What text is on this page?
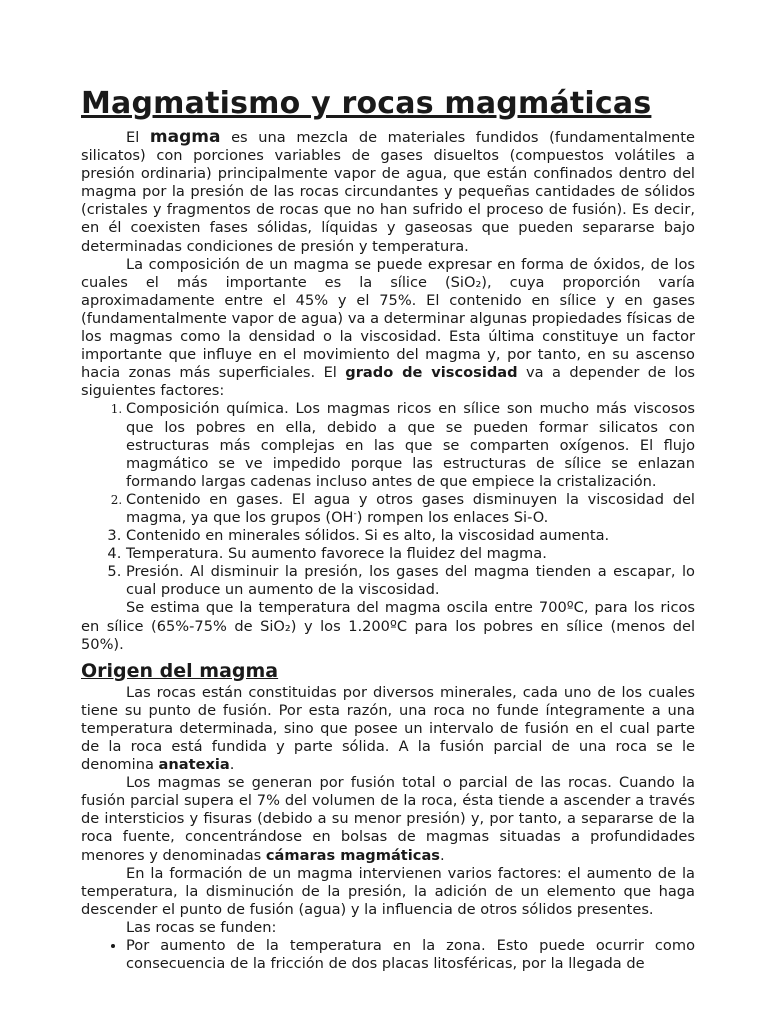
Magmatismo y rocas magmáticas

El magma es una mezcla de materiales fundidos (fundamentalmente silicatos) con porciones variables de gases disueltos (compuestos volátiles a presión ordinaria) principalmente vapor de agua, que están confinados dentro del magma por la presión de las rocas circundantes y pequeñas cantidades de sólidos (cristales y fragmentos de rocas que no han sufrido el proceso de fusión). Es decir, en él coexisten fases sólidas, líquidas y gaseosas que pueden separarse bajo determinadas condiciones de presión y temperatura.

La composición de un magma se puede expresar en forma de óxidos, de los cuales el más importante es la sílice (SiO₂), cuya proporción varía aproximadamente entre el 45% y el 75%. El contenido en sílice y en gases (fundamentalmente vapor de agua) va a determinar algunas propiedades físicas de los magmas como la densidad o la viscosidad. Esta última constituye un factor importante que influye en el movimiento del magma y, por tanto, en su ascenso hacia zonas más superficiales. El grado de viscosidad va a depender de los siguientes factores:

1. Composición química. Los magmas ricos en sílice son mucho más viscosos que los pobres en ella, debido a que se pueden formar silicatos con estructuras más complejas en las que se comparten oxígenos. El flujo magmático se ve impedido porque las estructuras de sílice se enlazan formando largas cadenas incluso antes de que empiece la cristalización.
2. Contenido en gases. El agua y otros gases disminuyen la viscosidad del magma, ya que los grupos (OH-) rompen los enlaces Si-O.
3. Contenido en minerales sólidos. Si es alto, la viscosidad aumenta.
4. Temperatura. Su aumento favorece la fluidez del magma.
5. Presión. Al disminuir la presión, los gases del magma tienden a escapar, lo cual produce un aumento de la viscosidad.

Se estima que la temperatura del magma oscila entre 700ºC, para los ricos en sílice (65%-75% de SiO₂) y los 1.200ºC para los pobres en sílice (menos del 50%).

Origen del magma

Las rocas están constituidas por diversos minerales, cada uno de los cuales tiene su punto de fusión. Por esta razón, una roca no funde íntegramente a una temperatura determinada, sino que posee un intervalo de fusión en el cual parte de la roca está fundida y parte sólida. A la fusión parcial de una roca se le denomina anatexia.

Los magmas se generan por fusión total o parcial de las rocas. Cuando la fusión parcial supera el 7% del volumen de la roca, ésta tiende a ascender a través de intersticios y fisuras (debido a su menor presión) y, por tanto, a separarse de la roca fuente, concentrándose en bolsas de magmas situadas a profundidades menores y denominadas cámaras magmáticas.

En la formación de un magma intervienen varios factores: el aumento de la temperatura, la disminución de la presión, la adición de un elemento que haga descender el punto de fusión (agua) y la influencia de otros sólidos presentes.

Las rocas se funden:

• Por aumento de la temperatura en la zona. Esto puede ocurrir como consecuencia de la fricción de dos placas litosféricas, por la llegada de
